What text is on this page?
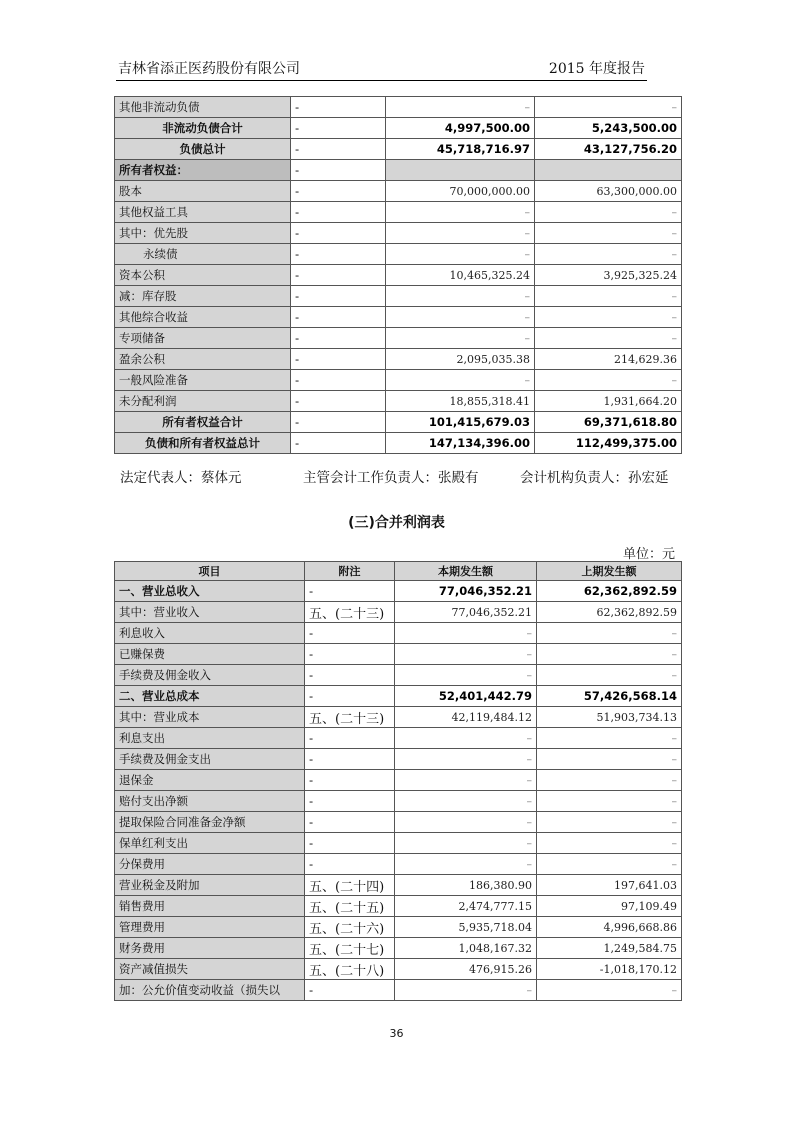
吉林省添正医药股份有限公司	2015 年度报告
其他非流动负债	-	–	–
非流动负债合计	-	4,997,500.00	5,243,500.00
负债总计	-	45,718,716.97	43,127,756.20
所有者权益：	-		
股本	-	70,000,000.00	63,300,000.00
其他权益工具	-	–	–
其中：优先股	-	–	–
永续债	-	–	–
资本公积	-	10,465,325.24	3,925,325.24
减：库存股	-	–	–
其他综合收益	-	–	–
专项储备	-	–	–
盈余公积	-	2,095,035.38	214,629.36
一般风险准备	-	–	–
未分配利润	-	18,855,318.41	1,931,664.20
所有者权益合计	-	101,415,679.03	69,371,618.80
负债和所有者权益总计	-	147,134,396.00	112,499,375.00
法定代表人：蔡体元	主管会计工作负责人：张殿有	会计机构负责人：孙宏延
(三)合并利润表
单位：元
项目	附注	本期发生额	上期发生额
一、营业总收入	-	77,046,352.21	62,362,892.59
其中：营业收入	五、(二十三)	77,046,352.21	62,362,892.59
利息收入	-	–	–
已赚保费	-	–	–
手续费及佣金收入	-	–	–
二、营业总成本	-	52,401,442.79	57,426,568.14
其中：营业成本	五、(二十三)	42,119,484.12	51,903,734.13
利息支出	-	–	–
手续费及佣金支出	-	–	–
退保金	-	–	–
赔付支出净额	-	–	–
提取保险合同准备金净额	-	–	–
保单红利支出	-	–	–
分保费用	-	–	–
营业税金及附加	五、(二十四)	186,380.90	197,641.03
销售费用	五、(二十五)	2,474,777.15	97,109.49
管理费用	五、(二十六)	5,935,718.04	4,996,668.86
财务费用	五、(二十七)	1,048,167.32	1,249,584.75
资产减值损失	五、(二十八)	476,915.26	-1,018,170.12
加：公允价值变动收益（损失以	-	–	–
36
